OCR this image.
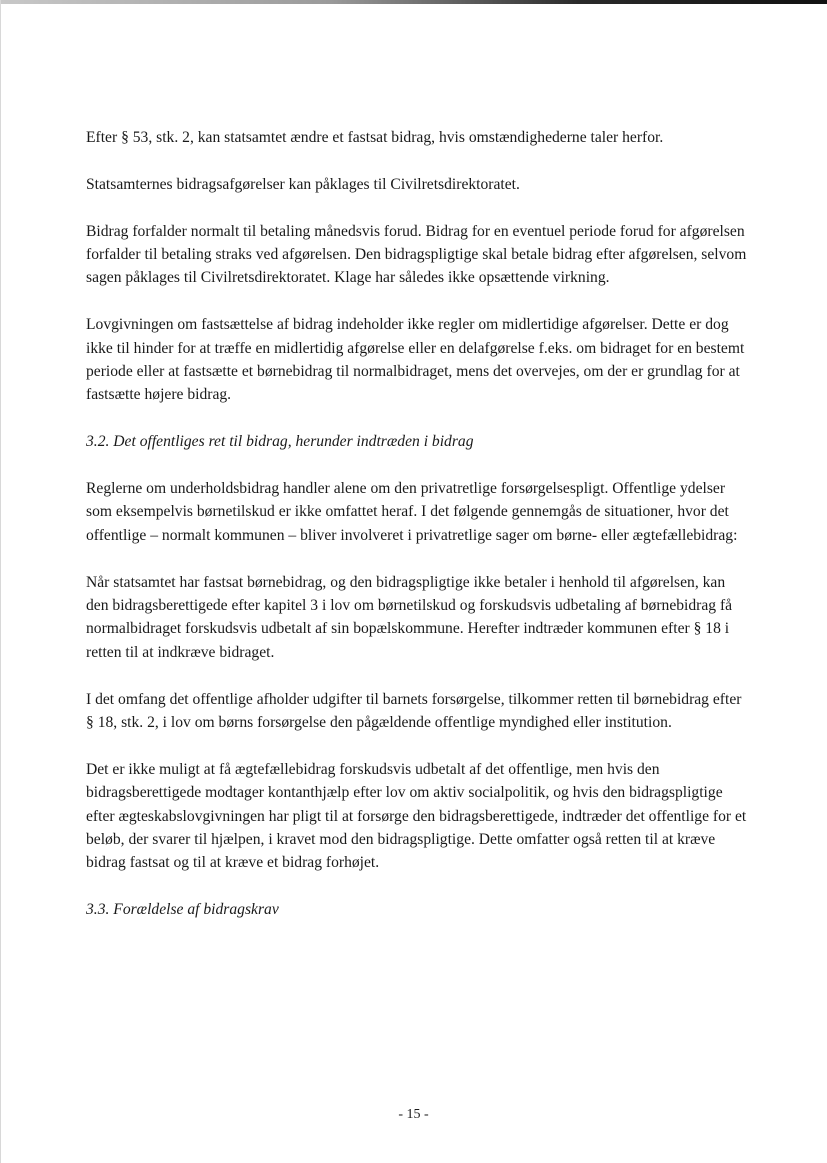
Efter § 53, stk. 2, kan statsamtet ændre et fastsat bidrag, hvis omstændighederne taler herfor.

Statsamternes bidragsafgørelser kan påklages til Civilretsdirektoratet.

Bidrag forfalder normalt til betaling månedsvis forud. Bidrag for en eventuel periode forud for afgørelsen forfalder til betaling straks ved afgørelsen. Den bidragspligtige skal betale bidrag efter afgørelsen, selvom sagen påklages til Civilretsdirektoratet. Klage har således ikke opsættende virkning.

Lovgivningen om fastsættelse af bidrag indeholder ikke regler om midlertidige afgørelser. Dette er dog ikke til hinder for at træffe en midlertidig afgørelse eller en delafgørelse f.eks. om bidraget for en bestemt periode eller at fastsætte et børnebidrag til normalbidraget, mens det overvejes, om der er grundlag for at fastsætte højere bidrag.

3.2. Det offentliges ret til bidrag, herunder indtræden i bidrag

Reglerne om underholdsbidrag handler alene om den privatretlige forsørgelsespligt. Offentlige ydelser som eksempelvis børnetilskud er ikke omfattet heraf. I det følgende gennemgås de situationer, hvor det offentlige – normalt kommunen – bliver involveret i privatretlige sager om børne- eller ægtefællebidrag:

Når statsamtet har fastsat børnebidrag, og den bidragspligtige ikke betaler i henhold til afgørelsen, kan den bidragsberettigede efter kapitel 3 i lov om børnetilskud og forskudsvis udbetaling af børnebidrag få normalbidraget forskudsvis udbetalt af sin bopælskommune. Herefter indtræder kommunen efter § 18 i retten til at indkræve bidraget.

I det omfang det offentlige afholder udgifter til barnets forsørgelse, tilkommer retten til børnebidrag efter § 18, stk. 2, i lov om børns forsørgelse den pågældende offentlige myndighed eller institution.

Det er ikke muligt at få ægtefællebidrag forskudsvis udbetalt af det offentlige, men hvis den bidragsberettigede modtager kontanthjælp efter lov om aktiv socialpolitik, og hvis den bidragspligtige efter ægteskabslovgivningen har pligt til at forsørge den bidragsberettigede, indtræder det offentlige for et beløb, der svarer til hjælpen, i kravet mod den bidragspligtige. Dette omfatter også retten til at kræve bidrag fastsat og til at kræve et bidrag forhøjet.

3.3. Forældelse af bidragskrav

- 15 -
